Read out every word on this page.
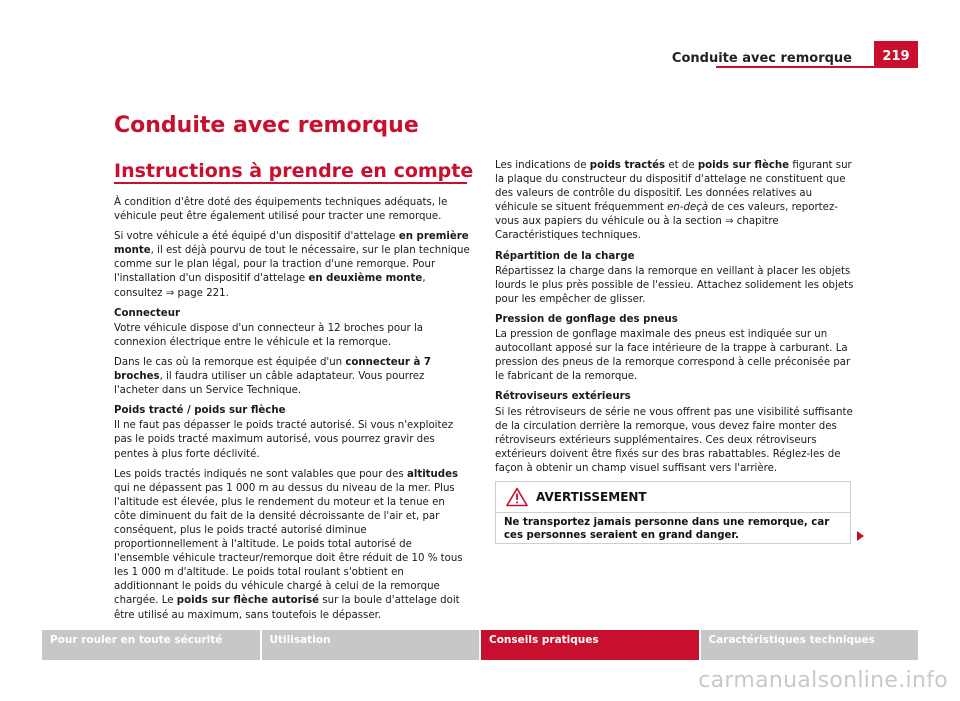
Conduite avec remorque	219
Conduite avec remorque
Instructions à prendre en compte

À condition d'être doté des équipements techniques adéquats, le véhicule peut être également utilisé pour tracter une remorque.

Si votre véhicule a été équipé d'un dispositif d'attelage en première monte, il est déjà pourvu de tout le nécessaire, sur le plan technique comme sur le plan légal, pour la traction d'une remorque. Pour l'installation d'un dispositif d'attelage en deuxième monte, consultez ⇒ page 221.

Connecteur

Votre véhicule dispose d'un connecteur à 12 broches pour la connexion électrique entre le véhicule et la remorque.

Dans le cas où la remorque est équipée d'un connecteur à 7 broches, il faudra utiliser un câble adaptateur. Vous pourrez l'acheter dans un Service Technique.

Poids tracté / poids sur flèche

Il ne faut pas dépasser le poids tracté autorisé. Si vous n'exploitez pas le poids tracté maximum autorisé, vous pourrez gravir des pentes à plus forte déclivité.

Les poids tractés indiqués ne sont valables que pour des altitudes qui ne dépassent pas 1 000 m au dessus du niveau de la mer. Plus l'altitude est élevée, plus le rendement du moteur et la tenue en côte diminuent du fait de la densité décroissante de l'air et, par conséquent, plus le poids tracté autorisé diminue proportionnellement à l'altitude. Le poids total autorisé de l'ensemble véhicule tracteur/remorque doit être réduit de 10 % tous les 1 000 m d'altitude. Le poids total roulant s'obtient en additionnant le poids du véhicule chargé à celui de la remorque chargée. Le poids sur flèche autorisé sur la boule d'attelage doit être utilisé au maximum, sans toutefois le dépasser.

Les indications de poids tractés et de poids sur flèche figurant sur la plaque du constructeur du dispositif d'attelage ne constituent que des valeurs de contrôle du dispositif. Les données relatives au véhicule se situent fréquemment en-deçà de ces valeurs, reportez-vous aux papiers du véhicule ou à la section ⇒ chapitre Caractéristiques techniques.

Répartition de la charge

Répartissez la charge dans la remorque en veillant à placer les objets lourds le plus près possible de l'essieu. Attachez solidement les objets pour les empêcher de glisser.

Pression de gonflage des pneus

La pression de gonflage maximale des pneus est indiquée sur un autocollant apposé sur la face intérieure de la trappe à carburant. La pression des pneus de la remorque correspond à celle préconisée par le fabricant de la remorque.

Rétroviseurs extérieurs

Si les rétroviseurs de série ne vous offrent pas une visibilité suffisante de la circulation derrière la remorque, vous devez faire monter des rétroviseurs extérieurs supplémentaires. Ces deux rétroviseurs extérieurs doivent être fixés sur des bras rabattables. Réglez-les de façon à obtenir un champ visuel suffisant vers l'arrière.

AVERTISSEMENT
Ne transportez jamais personne dans une remorque, car ces personnes seraient en grand danger.
Pour rouler en toute sécurité	Utilisation	Conseils pratiques	Caractéristiques techniques
carmanualsonline.info
